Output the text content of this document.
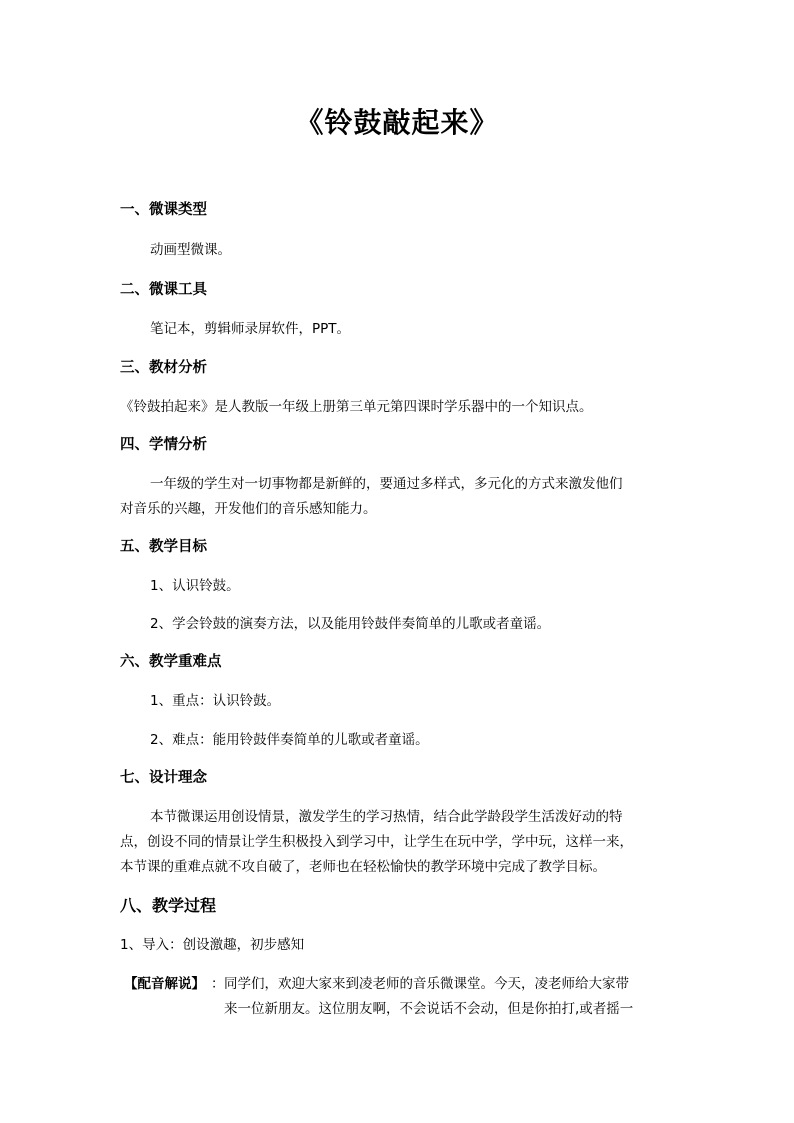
《铃鼓敲起来》
一、微课类型
动画型微课。
二、微课工具
笔记本，剪辑师录屏软件，PPT。
三、教材分析
《铃鼓拍起来》是人教版一年级上册第三单元第四课时学乐器中的一个知识点。
四、学情分析
一年级的学生对一切事物都是新鲜的，要通过多样式，多元化的方式来激发他们
对音乐的兴趣，开发他们的音乐感知能力。
五、教学目标
1、认识铃鼓。
2、学会铃鼓的演奏方法，以及能用铃鼓伴奏简单的儿歌或者童谣。
六、教学重难点
1、重点：认识铃鼓。
2、难点：能用铃鼓伴奏简单的儿歌或者童谣。
七、设计理念
本节微课运用创设情景，激发学生的学习热情，结合此学龄段学生活泼好动的特
点，创设不同的情景让学生积极投入到学习中，让学生在玩中学，学中玩，这样一来，
本节课的重难点就不攻自破了，老师也在轻松愉快的教学环境中完成了教学目标。
八、教学过程
1、导入：创设激趣，初步感知
【配音解说】 ： 同学们，欢迎大家来到凌老师的音乐微课堂。今天，凌老师给大家带
来一位新朋友。这位朋友啊，不会说话不会动，但是你拍打,或者摇一
